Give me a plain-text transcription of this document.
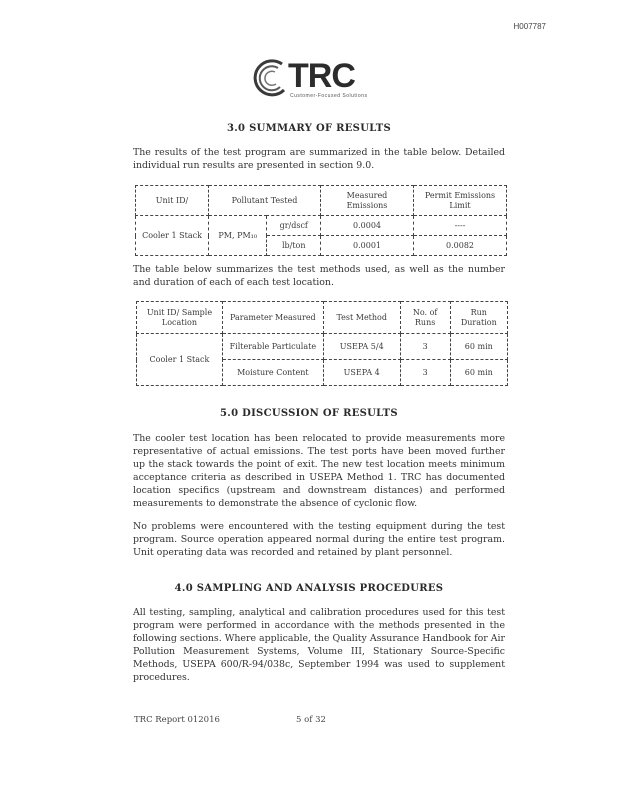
H007787
TRC
Customer-Focused Solutions
3.0 SUMMARY OF RESULTS

The results of the test program are summarized in the table below. Detailed individual run results are presented in section 9.0.

Unit ID/	Pollutant Tested		Measured Emissions	Permit Emissions Limit
Cooler 1 Stack	PM, PM₁₀	gr/dscf	0.0004	----
		lb/ton	0.0001	0.0082

The table below summarizes the test methods used, as well as the number and duration of each of each test location.

Unit ID/ Sample Location	Parameter Measured	Test Method	No. of Runs	Run Duration
Cooler 1 Stack	Filterable Particulate	USEPA 5/4	3	60 min
	Moisture Content	USEPA 4	3	60 min
5.0 DISCUSSION OF RESULTS

The cooler test location has been relocated to provide measurements more representative of actual emissions. The test ports have been moved further up the stack towards the point of exit. The new test location meets minimum acceptance criteria as described in USEPA Method 1. TRC has documented location specifics (upstream and downstream distances) and performed measurements to demonstrate the absence of cyclonic flow.

No problems were encountered with the testing equipment during the test program. Source operation appeared normal during the entire test program. Unit operating data was recorded and retained by plant personnel.

4.0 SAMPLING AND ANALYSIS PROCEDURES

All testing, sampling, analytical and calibration procedures used for this test program were performed in accordance with the methods presented in the following sections. Where applicable, the Quality Assurance Handbook for Air Pollution Measurement Systems, Volume III, Stationary Source-Specific Methods, USEPA 600/R-94/038c, September 1994 was used to supplement procedures.

TRC Report 012016	5 of 32
